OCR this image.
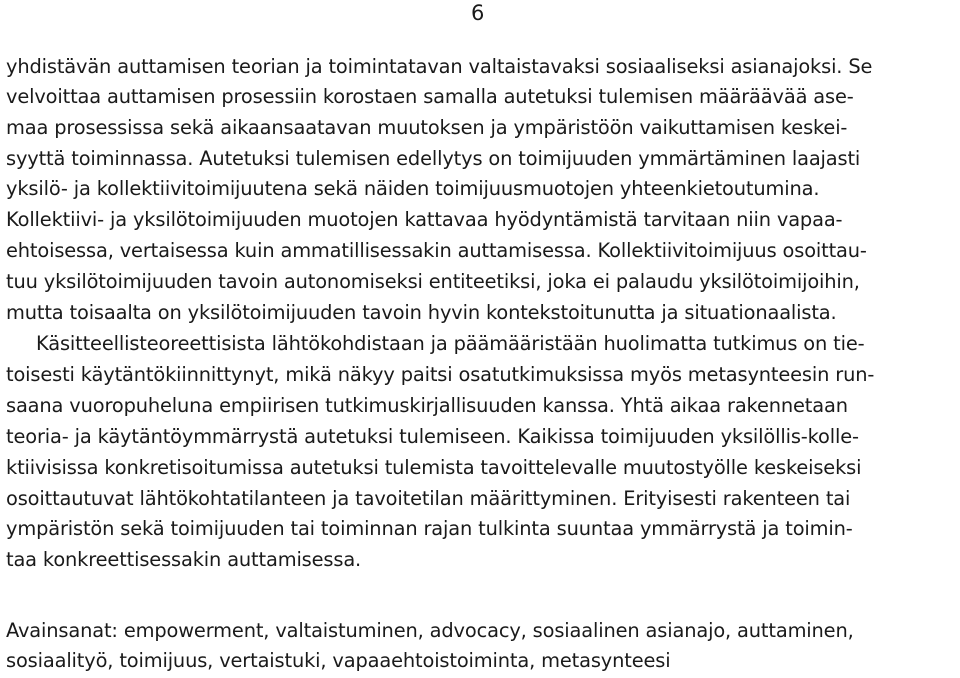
6
yhdistävän auttamisen teorian ja toimintatavan valtaistavaksi sosiaaliseksi asianajoksi. Se
velvoittaa auttamisen prosessiin korostaen samalla autetuksi tulemisen määräävää ase-
maa prosessissa sekä aikaansaatavan muutoksen ja ympäristöön vaikuttamisen keskei-
syyttä toiminnassa. Autetuksi tulemisen edellytys on toimijuuden ymmärtäminen laajasti
yksilö- ja kollektiivitoimijuutena sekä näiden toimijuusmuotojen yhteenkietoutumina.
Kollektiivi- ja yksilötoimijuuden muotojen kattavaa hyödyntämistä tarvitaan niin vapaa-
ehtoisessa, vertaisessa kuin ammatillisessakin auttamisessa. Kollektiivitoimijuus osoittau-
tuu yksilötoimijuuden tavoin autonomiseksi entiteetiksi, joka ei palaudu yksilötoimijoihin,
mutta toisaalta on yksilötoimijuuden tavoin hyvin kontekstoitunutta ja situationaalista.
Käsitteellisteoreettisista lähtökohdistaan ja päämääristään huolimatta tutkimus on tie-
toisesti käytäntökiinnittynyt, mikä näkyy paitsi osatutkimuksissa myös metasynteesin run-
saana vuoropuheluna empiirisen tutkimuskirjallisuuden kanssa. Yhtä aikaa rakennetaan
teoria- ja käytäntöymmärrystä autetuksi tulemiseen. Kaikissa toimijuuden yksilöllis-kolle-
ktiivisissa konkretisoitumissa autetuksi tulemista tavoittelevalle muutostyölle keskeiseksi
osoittautuvat lähtökohtatilanteen ja tavoitetilan määrittyminen. Erityisesti rakenteen tai
ympäristön sekä toimijuuden tai toiminnan rajan tulkinta suuntaa ymmärrystä ja toimin-
taa konkreettisessakin auttamisessa.
Avainsanat: empowerment, valtaistuminen, advocacy, sosiaalinen asianajo, auttaminen,
sosiaalityö, toimijuus, vertaistuki, vapaaehtoistoiminta, metasynteesi
